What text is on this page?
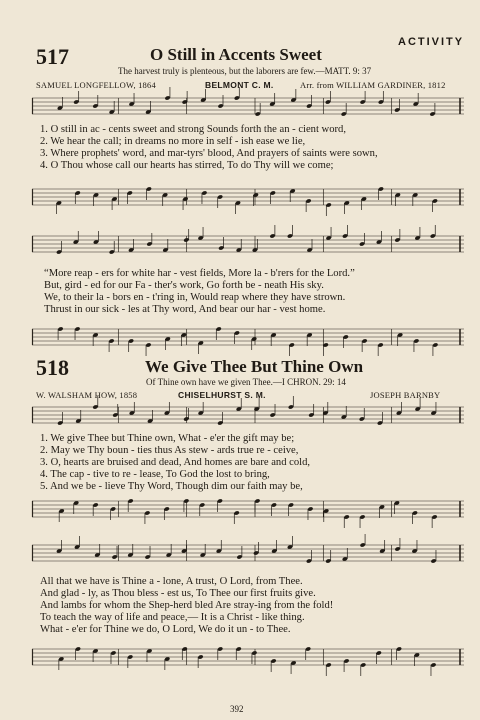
ACTIVITY
517	O Still in Accents Sweet
The harvest truly is plenteous, but the laborers are few.—MATT. 9: 37
SAMUEL LONGFELLOW, 1864	BELMONT C. M.	Arr. from WILLIAM GARDINER, 1812
1. O still in ac - cents sweet and strong Sounds forth the an - cient word,
2. We hear the call; in dreams no more in self - ish ease we lie,
3. Where prophets' word, and mar-tyrs' blood, And prayers of saints were sown,
4. O Thou whose call our hearts has stirred, To do Thy will we come;
“More reap - ers for white har - vest fields, More la - b'rers for the Lord.”
But, gird - ed for our Fa - ther's work, Go forth be - neath His sky.
We, to their la - bors en - t'ring in, Would reap where they have strown.
Thrust in our sick - les at Thy word, And bear our har - vest home.
518	We Give Thee But Thine Own
Of Thine own have we given Thee.—I CHRON. 29: 14
W. WALSHAM HOW, 1858	CHISELHURST S. M.	JOSEPH BARNBY
1. We give Thee but Thine own, What - e'er the gift may be;
2. May we Thy boun - ties thus As stew - ards true re - ceive,
3. O, hearts are bruised and dead, And homes are bare and cold,
4. The cap - tive to re - lease, To God the lost to bring,
5. And we be - lieve Thy Word, Though dim our faith may be,
All that we have is Thine a - lone, A trust, O Lord, from Thee.
And glad - ly, as Thou bless - est us, To Thee our first fruits give.
And lambs for whom the Shep-herd bled Are stray-ing from the fold!
To teach the way of life and peace,— It is a Christ - like thing.
What - e'er for Thine we do, O Lord, We do it un - to Thee.
392
